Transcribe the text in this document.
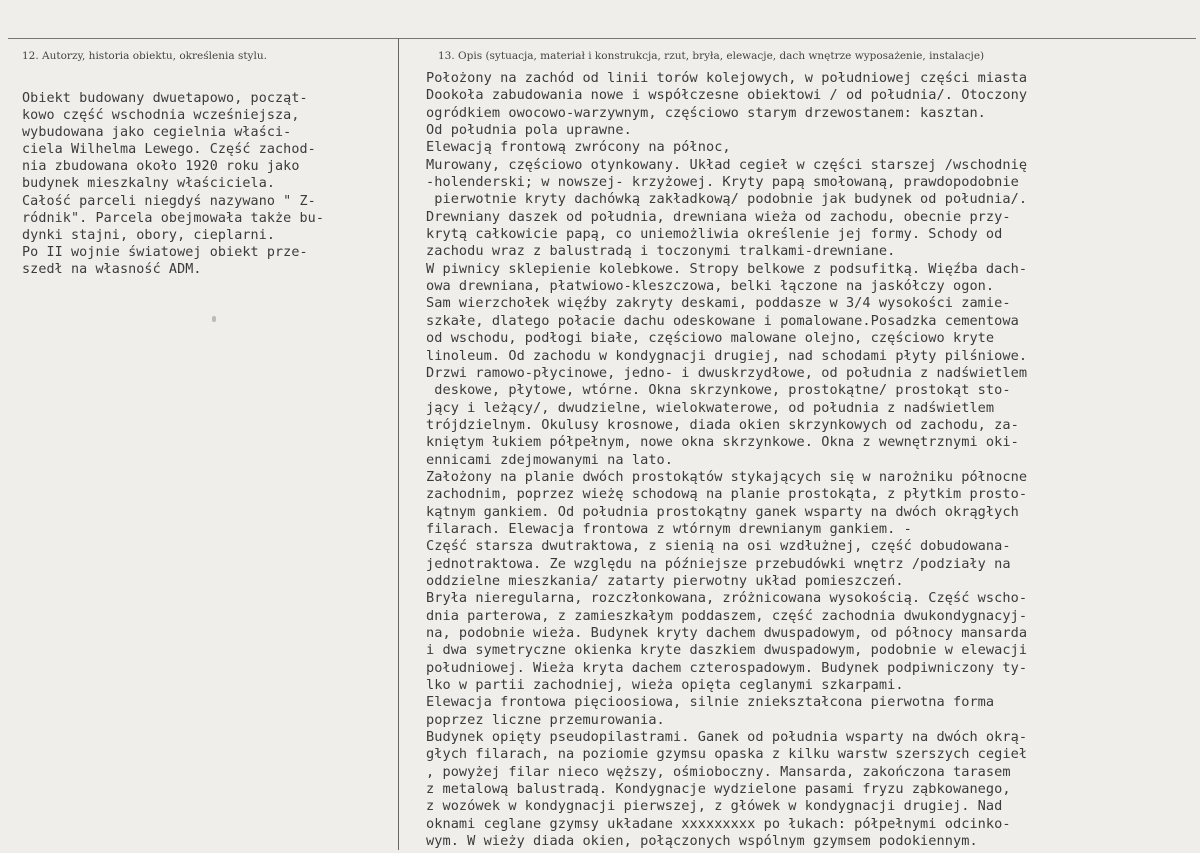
12. Autorzy, historia obiektu, określenia stylu.	13. Opis (sytuacja, materiał i konstrukcja, rzut, bryła, elewacje, dach wnętrze wyposażenie, instalacje)
Obiekt budowany dwuetapowo, począt-
kowo część wschodnia wcześniejsza,
wybudowana jako cegielnia właści-
ciela Wilhelma Lewego. Część zachod-
nia zbudowana około 1920 roku jako
budynek mieszkalny właściciela.
Całość parceli niegdyś nazywano " Z-
ródnik". Parcela obejmowała także bu-
dynki stajni, obory, cieplarni.
Po II wojnie światowej obiekt prze-
szedł na własność ADM.
Położony na zachód od linii torów kolejowych, w południowej części miasta
Dookoła zabudowania nowe i współczesne obiektowi / od południa/. Otoczony
ogródkiem owocowo-warzywnym, częściowo starym drzewostanem: kasztan.
Od południa pola uprawne.
Elewacją frontową zwrócony na północ,
Murowany, częściowo otynkowany. Układ cegieł w części starszej /wschodnię
-holenderski; w nowszej- krzyżowej. Kryty papą smołowaną, prawdopodobnie
pierwotnie kryty dachówką zakładkową/ podobnie jak budynek od południa/.
Drewniany daszek od południa, drewniana wieża od zachodu, obecnie przy-
krytą całkowicie papą, co uniemożliwia określenie jej formy. Schody od
zachodu wraz z balustradą i toczonymi tralkami-drewniane.
W piwnicy sklepienie kolebkowe. Stropy belkowe z podsufitką. Więźba dach-
owa drewniana, płatwiowo-kleszczowa, belki łączone na jaskółczy ogon.
Sam wierzchołek więźby zakryty deskami, poddasze w 3/4 wysokości zamie-
szkałe, dlatego połacie dachu odeskowane i pomalowane.Posadzka cementowa
od wschodu, podłogi białe, częściowo malowane olejno, częściowo kryte
linoleum. Od zachodu w kondygnacji drugiej, nad schodami płyty pilśniowe.
Drzwi ramowo-płycinowe, jedno- i dwuskrzydłowe, od południa z nadświetlem
deskowe, płytowe, wtórne. Okna skrzynkowe, prostokątne/ prostokąt sto-
jący i leżący/, dwudzielne, wielokwaterowe, od południa z nadświetlem
trójdzielnym. Okulusy krosnowe, diada okien skrzynkowych od zachodu, za-
kniętym łukiem półpełnym, nowe okna skrzynkowe. Okna z wewnętrznymi oki-
ennicami zdejmowanymi na lato.
Założony na planie dwóch prostokątów stykających się w narożniku północne
zachodnim, poprzez wieżę schodową na planie prostokąta, z płytkim prosto-
kątnym gankiem. Od południa prostokątny ganek wsparty na dwóch okrągłych
filarach. Elewacja frontowa z wtórnym drewnianym gankiem. -
Część starsza dwutraktowa, z sienią na osi wzdłużnej, część dobudowana-
jednotraktowa. Ze względu na późniejsze przebudówki wnętrz /podziały na
oddzielne mieszkania/ zatarty pierwotny układ pomieszczeń.
Bryła nieregularna, rozczłonkowana, zróżnicowana wysokością. Część wscho-
dnia parterowa, z zamieszkałym poddaszem, część zachodnia dwukondygnacyj-
na, podobnie wieża. Budynek kryty dachem dwuspadowym, od północy mansarda
i dwa symetryczne okienka kryte daszkiem dwuspadowym, podobnie w elewacji
południowej. Wieża kryta dachem czterospadowym. Budynek podpiwniczony ty-
lko w partii zachodniej, wieża opięta ceglanymi szkarpami.
Elewacja frontowa pięcioosiowa, silnie zniekształcona pierwotna forma
poprzez liczne przemurowania.
Budynek opięty pseudopilastrami. Ganek od południa wsparty na dwóch okrą-
głych filarach, na poziomie gzymsu opaska z kilku warstw szerszych cegieł
, powyżej filar nieco węższy, ośmioboczny. Mansarda, zakończona tarasem
z metalową balustradą. Kondygnacje wydzielone pasami fryzu ząbkowanego,
z wozówek w kondygnacji pierwszej, z główek w kondygnacji drugiej. Nad
oknami ceglane gzymsy układane xxxxxxxxx po łukach: półpełnymi odcinko-
wym. W wieży diada okien, połączonych wspólnym gzymsem podokiennym.
